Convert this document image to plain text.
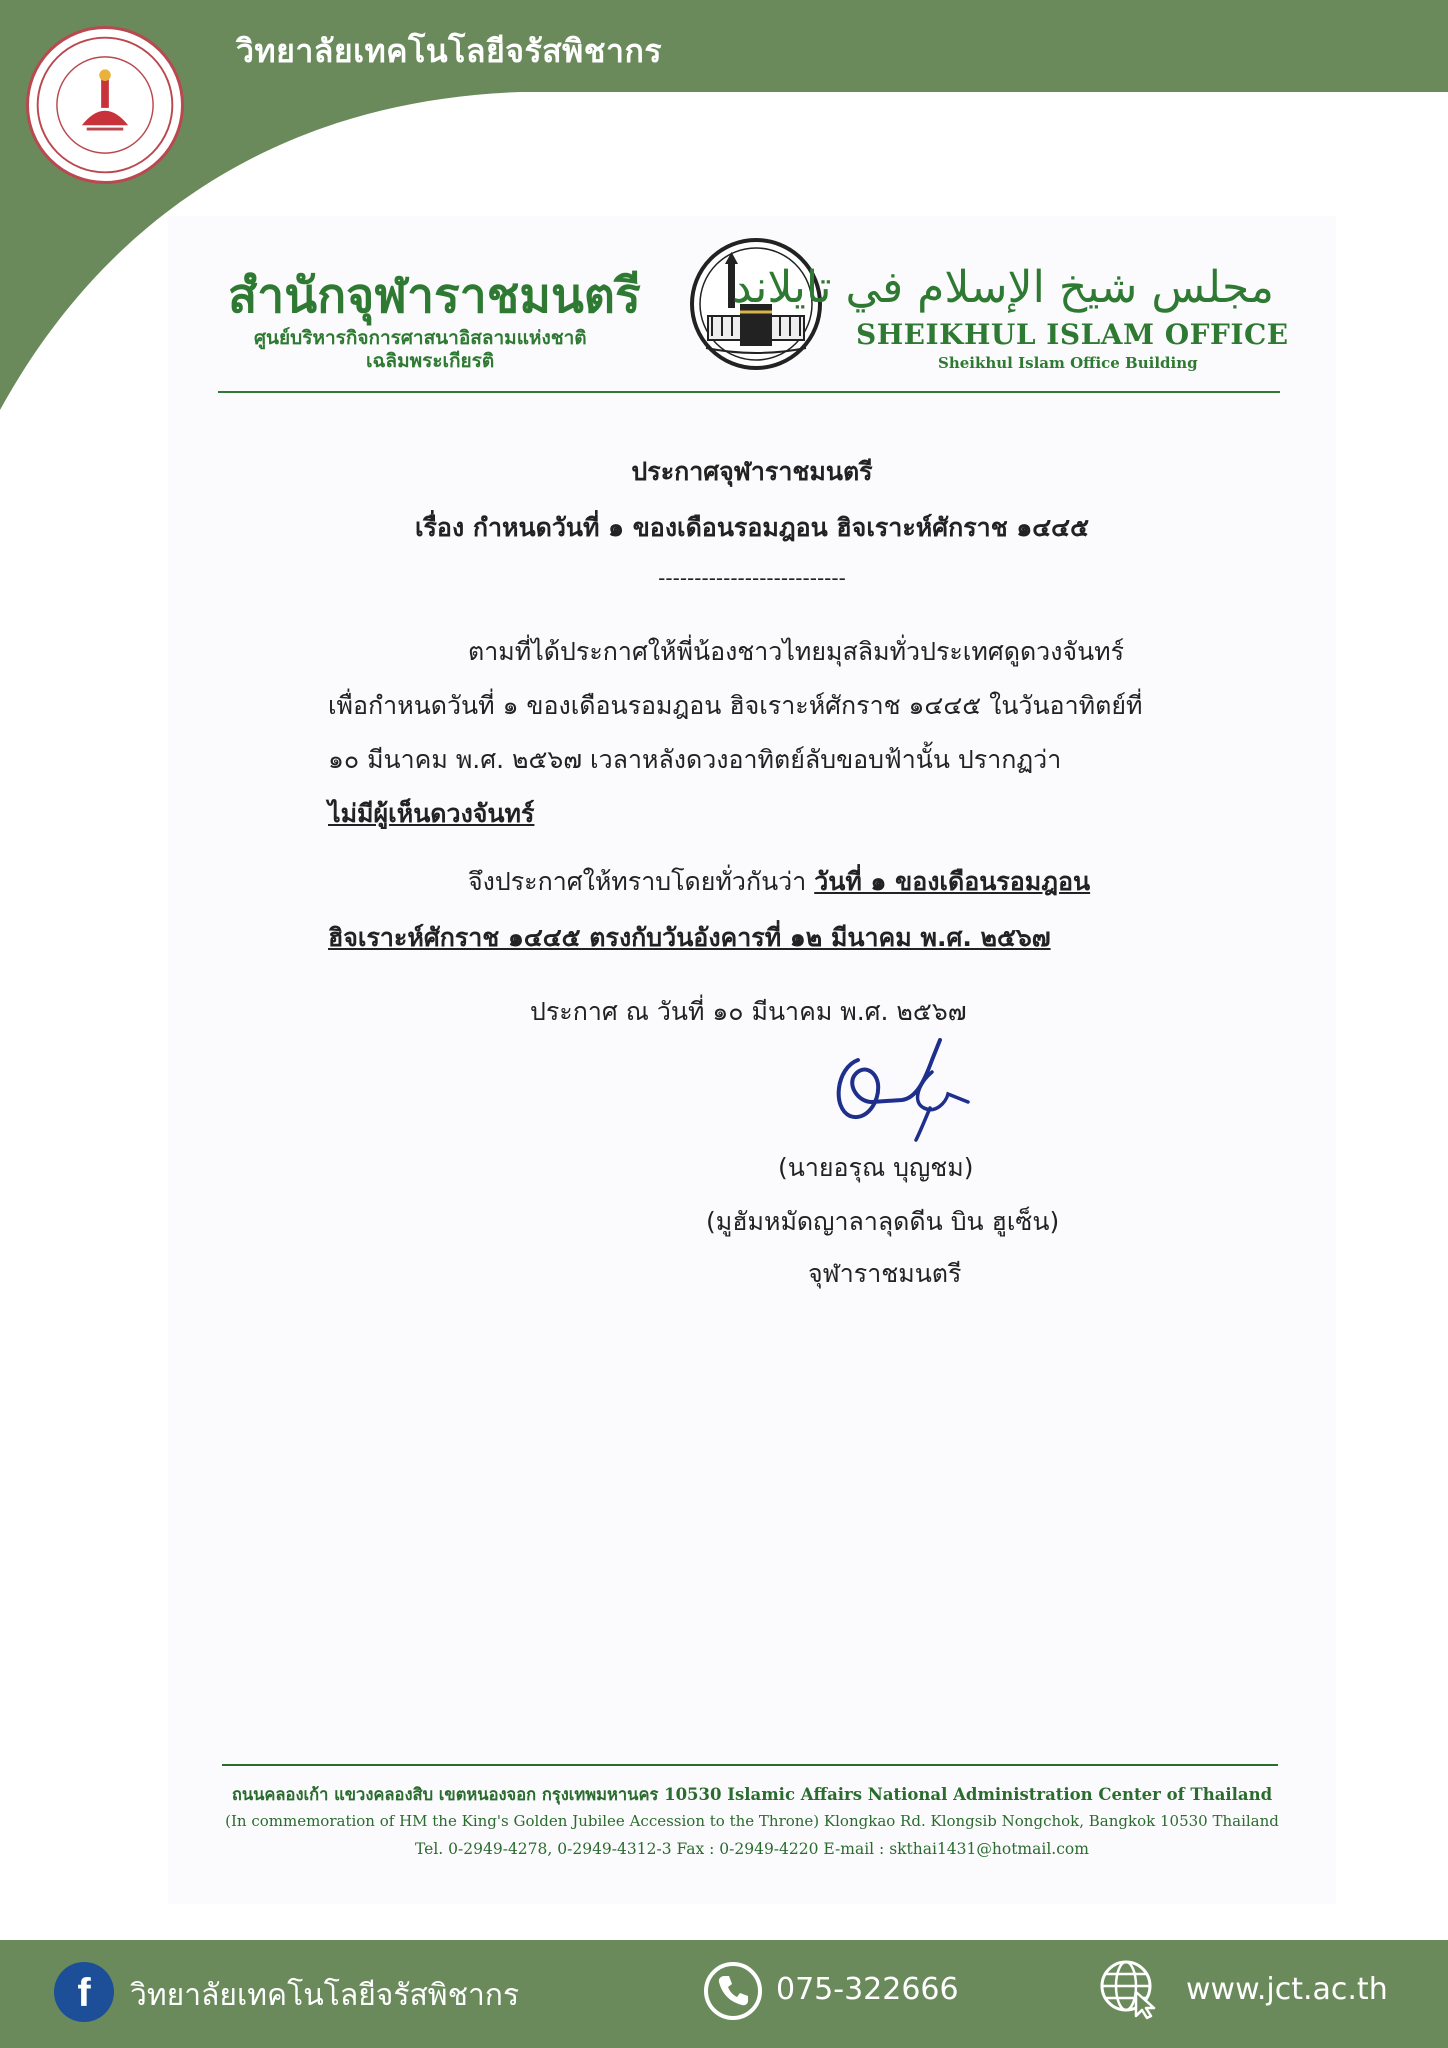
วิทยาลัยเทคโนโลยีจรัสพิชากร
สำนักจุฬาราชมนตรี
ศูนย์บริหารกิจการศาสนาอิสลามแห่งชาติ
เฉลิมพระเกียรติ
مجلس شيخ الإسلام في تايلاند
SHEIKHUL ISLAM OFFICE
Sheikhul Islam Office Building
ประกาศจุฬาราชมนตรี
เรื่อง กำหนดวันที่ ๑ ของเดือนรอมฎอน ฮิจเราะห์ศักราช ๑๔๔๕
--------------------------
ตามที่ได้ประกาศให้พี่น้องชาวไทยมุสลิมทั่วประเทศดูดวงจันทร์
เพื่อกำหนดวันที่ ๑ ของเดือนรอมฎอน ฮิจเราะห์ศักราช ๑๔๔๕ ในวันอาทิตย์ที่
๑๐ มีนาคม พ.ศ. ๒๕๖๗ เวลาหลังดวงอาทิตย์ลับขอบฟ้านั้น ปรากฏว่า
ไม่มีผู้เห็นดวงจันทร์
จึงประกาศให้ทราบโดยทั่วกันว่า วันที่ ๑ ของเดือนรอมฎอน
ฮิจเราะห์ศักราช ๑๔๔๕ ตรงกับวันอังคารที่ ๑๒ มีนาคม พ.ศ. ๒๕๖๗
ประกาศ ณ วันที่ ๑๐ มีนาคม พ.ศ. ๒๕๖๗
(นายอรุณ บุญชม)
(มูฮัมหมัดญาลาลุดดีน บิน ฮูเซ็น)
จุฬาราชมนตรี
ถนนคลองเก้า แขวงคลองสิบ เขตหนองจอก กรุงเทพมหานคร 10530 Islamic Affairs National Administration Center of Thailand
(In commemoration of HM the King's Golden Jubilee Accession to the Throne) Klongkao Rd. Klongsib Nongchok, Bangkok 10530 Thailand
Tel. 0-2949-4278, 0-2949-4312-3 Fax : 0-2949-4220 E-mail : skthai1431@hotmail.com
f	วิทยาลัยเทคโนโลยีจรัสพิชากร	075-322666	www.jct.ac.th
